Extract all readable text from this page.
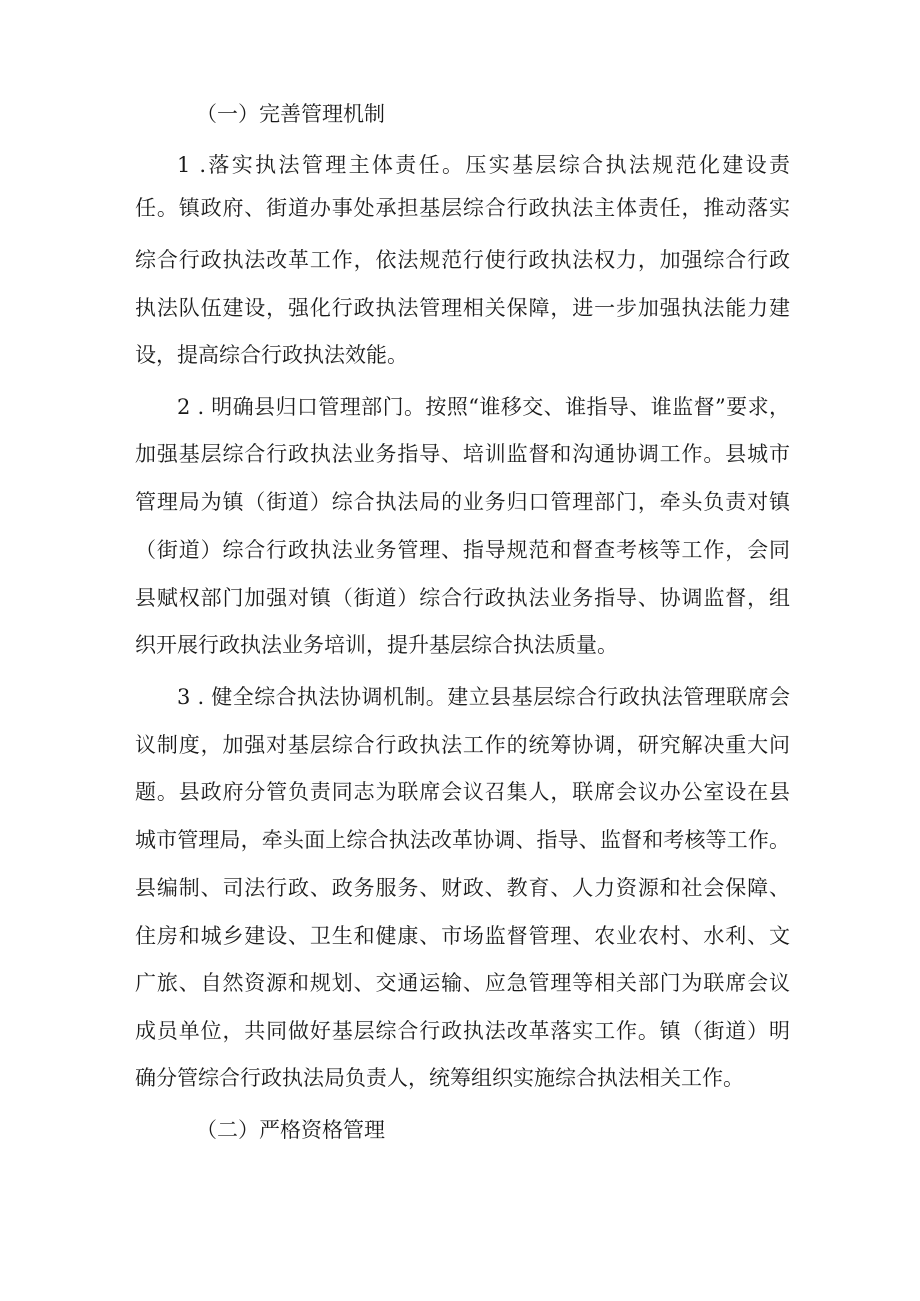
（一）完善管理机制

1 .落实执法管理主体责任。压实基层综合执法规范化建设责

任。镇政府、街道办事处承担基层综合行政执法主体责任，推动落实

综合行政执法改革工作，依法规范行使行政执法权力，加强综合行政

执法队伍建设，强化行政执法管理相关保障，进一步加强执法能力建

设，提高综合行政执法效能。

2 . 明确县归口管理部门。按照“谁移交、谁指导、谁监督”要求，

加强基层综合行政执法业务指导、培训监督和沟通协调工作。县城市

管理局为镇（街道）综合执法局的业务归口管理部门，牵头负责对镇

（街道）综合行政执法业务管理、指导规范和督查考核等工作，会同

县赋权部门加强对镇（街道）综合行政执法业务指导、协调监督，组

织开展行政执法业务培训，提升基层综合执法质量。

3 . 健全综合执法协调机制。建立县基层综合行政执法管理联席会

议制度，加强对基层综合行政执法工作的统筹协调，研究解决重大问

题。县政府分管负责同志为联席会议召集人，联席会议办公室设在县

城市管理局，牵头面上综合执法改革协调、指导、监督和考核等工作。

县编制、司法行政、政务服务、财政、教育、人力资源和社会保障、

住房和城乡建设、卫生和健康、市场监督管理、农业农村、水利、文

广旅、自然资源和规划、交通运输、应急管理等相关部门为联席会议

成员单位，共同做好基层综合行政执法改革落实工作。镇（街道）明

确分管综合行政执法局负责人，统筹组织实施综合执法相关工作。

（二）严格资格管理
